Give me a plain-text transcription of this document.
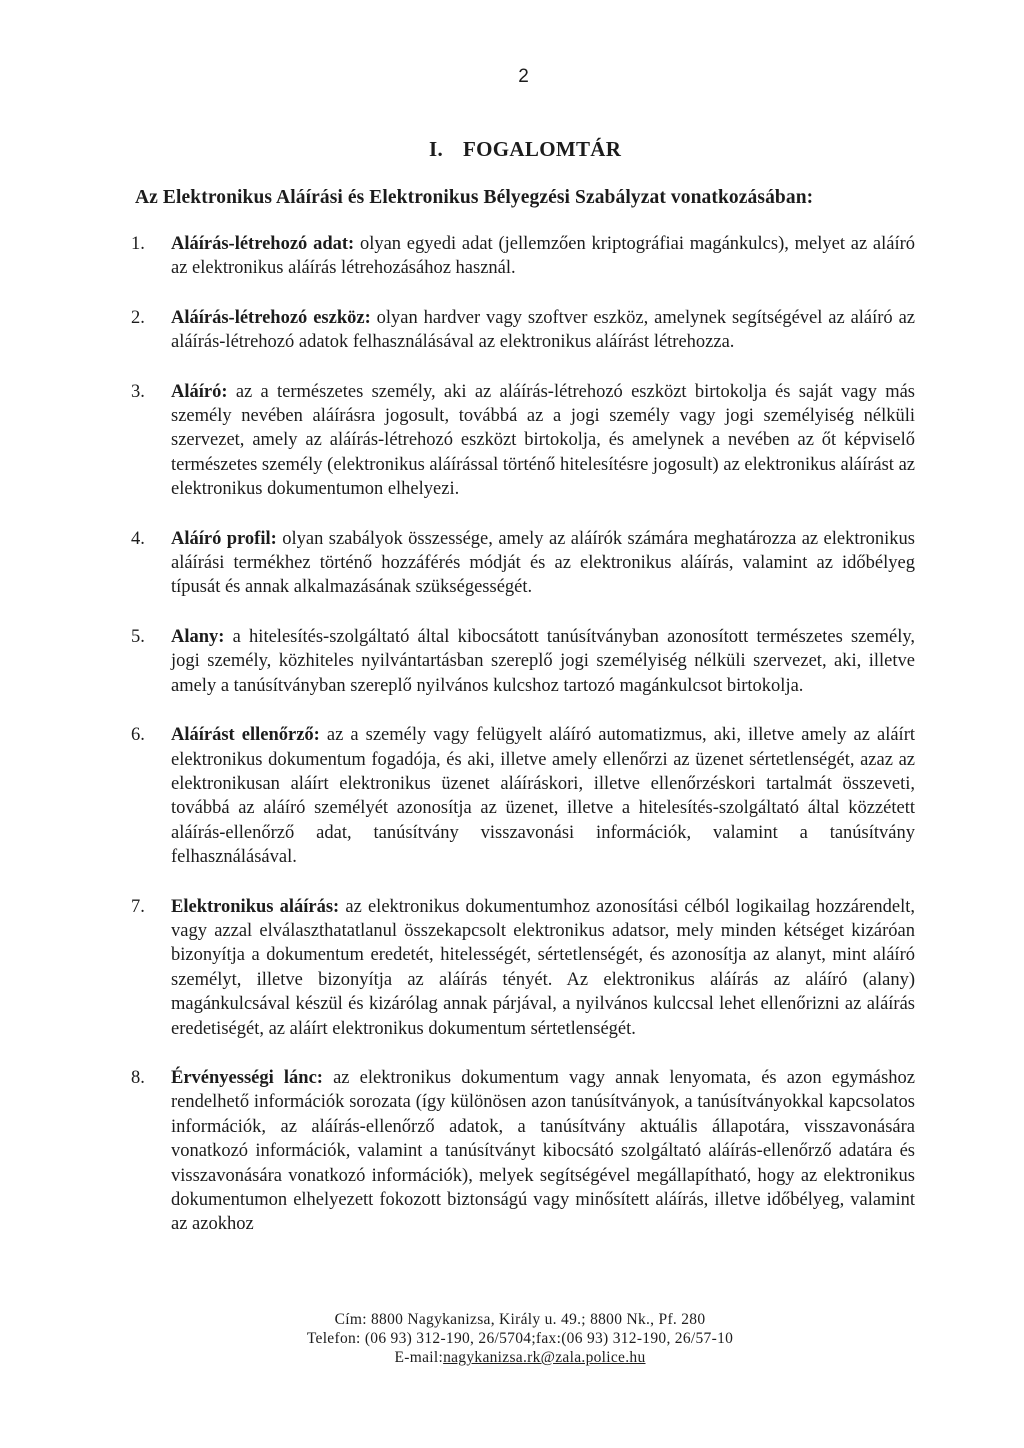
2
I. FOGALOMTÁR
Az Elektronikus Aláírási és Elektronikus Bélyegzési Szabályzat vonatkozásában:
1.	Aláírás-létrehozó adat: olyan egyedi adat (jellemzően kriptográfiai magánkulcs), melyet az aláíró az elektronikus aláírás létrehozásához használ.
2.	Aláírás-létrehozó eszköz: olyan hardver vagy szoftver eszköz, amelynek segítségével az aláíró az aláírás-létrehozó adatok felhasználásával az elektronikus aláírást létrehozza.
3.	Aláíró: az a természetes személy, aki az aláírás-létrehozó eszközt birtokolja és saját vagy más személy nevében aláírásra jogosult, továbbá az a jogi személy vagy jogi személyiség nélküli szervezet, amely az aláírás-létrehozó eszközt birtokolja, és amelynek a nevében az őt képviselő természetes személy (elektronikus aláírással történő hitelesítésre jogosult) az elektronikus aláírást az elektronikus dokumentumon elhelyezi.
4.	Aláíró profil: olyan szabályok összessége, amely az aláírók számára meghatározza az elektronikus aláírási termékhez történő hozzáférés módját és az elektronikus aláírás, valamint az időbélyeg típusát és annak alkalmazásának szükségességét.
5.	Alany: a hitelesítés-szolgáltató által kibocsátott tanúsítványban azonosított természetes személy, jogi személy, közhiteles nyilvántartásban szereplő jogi személyiség nélküli szervezet, aki, illetve amely a tanúsítványban szereplő nyilvános kulcshoz tartozó magánkulcsot birtokolja.
6.	Aláírást ellenőrző: az a személy vagy felügyelt aláíró automatizmus, aki, illetve amely az aláírt elektronikus dokumentum fogadója, és aki, illetve amely ellenőrzi az üzenet sértetlenségét, azaz az elektronikusan aláírt elektronikus üzenet aláíráskori, illetve ellenőrzéskori tartalmát összeveti, továbbá az aláíró személyét azonosítja az üzenet, illetve a hitelesítés-szolgáltató által közzétett aláírás-ellenőrző adat, tanúsítvány visszavonási információk, valamint a tanúsítvány felhasználásával.
7.	Elektronikus aláírás: az elektronikus dokumentumhoz azonosítási célból logikailag hozzárendelt, vagy azzal elválaszthatatlanul összekapcsolt elektronikus adatsor, mely minden kétséget kizáróan bizonyítja a dokumentum eredetét, hitelességét, sértetlenségét, és azonosítja az alanyt, mint aláíró személyt, illetve bizonyítja az aláírás tényét. Az elektronikus aláírás az aláíró (alany) magánkulcsával készül és kizárólag annak párjával, a nyilvános kulccsal lehet ellenőrizni az aláírás eredetiségét, az aláírt elektronikus dokumentum sértetlenségét.
8.	Érvényességi lánc: az elektronikus dokumentum vagy annak lenyomata, és azon egymáshoz rendelhető információk sorozata (így különösen azon tanúsítványok, a tanúsítványokkal kapcsolatos információk, az aláírás-ellenőrző adatok, a tanúsítvány aktuális állapotára, visszavonására vonatkozó információk, valamint a tanúsítványt kibocsátó szolgáltató aláírás-ellenőrző adatára és visszavonására vonatkozó információk), melyek segítségével megállapítható, hogy az elektronikus dokumentumon elhelyezett fokozott biztonságú vagy minősített aláírás, illetve időbélyeg, valamint az azokhoz
Cím: 8800 Nagykanizsa, Király u. 49.; 8800 Nk., Pf. 280
Telefon: (06 93) 312-190, 26/5704;fax:(06 93) 312-190, 26/57-10
E-mail:nagykanizsa.rk@zala.police.hu
